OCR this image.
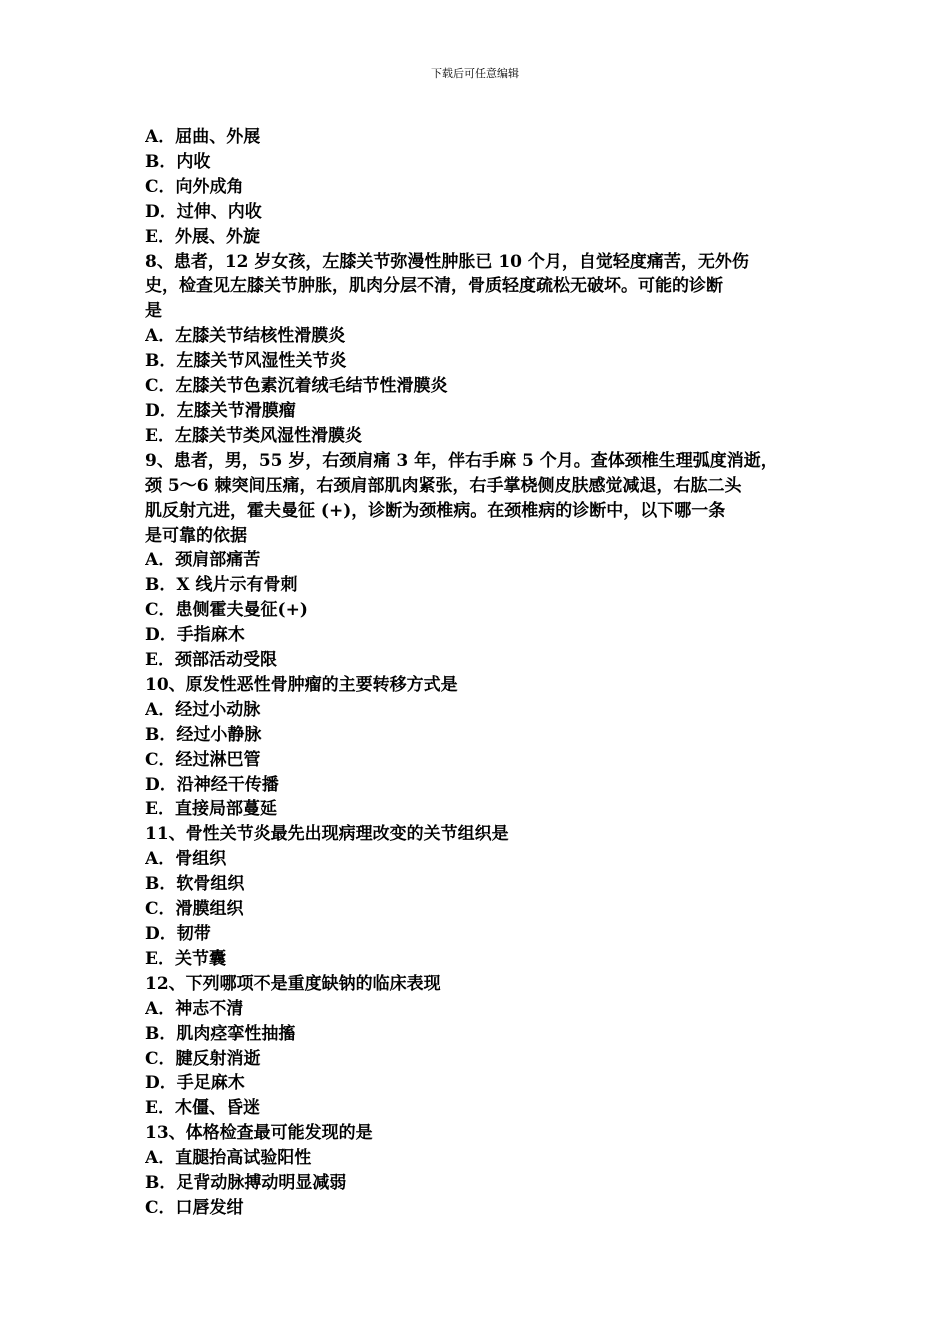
下载后可任意编辑
A．屈曲、外展
B．内收
C．向外成角
D．过伸、内收
E．外展、外旋
8、患者，12 岁女孩，左膝关节弥漫性肿胀已 10 个月，自觉轻度痛苦，无外伤
史，检查见左膝关节肿胀，肌肉分层不清，骨质轻度疏松无破坏。可能的诊断
是
A．左膝关节结核性滑膜炎
B．左膝关节风湿性关节炎
C．左膝关节色素沉着绒毛结节性滑膜炎
D．左膝关节滑膜瘤
E．左膝关节类风湿性滑膜炎
9、患者，男，55 岁，右颈肩痛 3 年，伴右手麻 5 个月。查体颈椎生理弧度消逝，
颈 5～6 棘突间压痛，右颈肩部肌肉紧张，右手掌桡侧皮肤感觉减退，右肱二头
肌反射亢进，霍夫曼征 (+)，诊断为颈椎病。在颈椎病的诊断中，以下哪一条
是可靠的依据
A．颈肩部痛苦
B．X 线片示有骨刺
C．患侧霍夫曼征(+)
D．手指麻木
E．颈部活动受限
10、原发性恶性骨肿瘤的主要转移方式是
A．经过小动脉
B．经过小静脉
C．经过淋巴管
D．沿神经干传播
E．直接局部蔓延
11、骨性关节炎最先出现病理改变的关节组织是
A．骨组织
B．软骨组织
C．滑膜组织
D．韧带
E．关节囊
12、下列哪项不是重度缺钠的临床表现
A．神志不清
B．肌肉痉挛性抽搐
C．腱反射消逝
D．手足麻木
E．木僵、昏迷
13、体格检查最可能发现的是
A．直腿抬高试验阳性
B．足背动脉搏动明显减弱
C．口唇发绀
